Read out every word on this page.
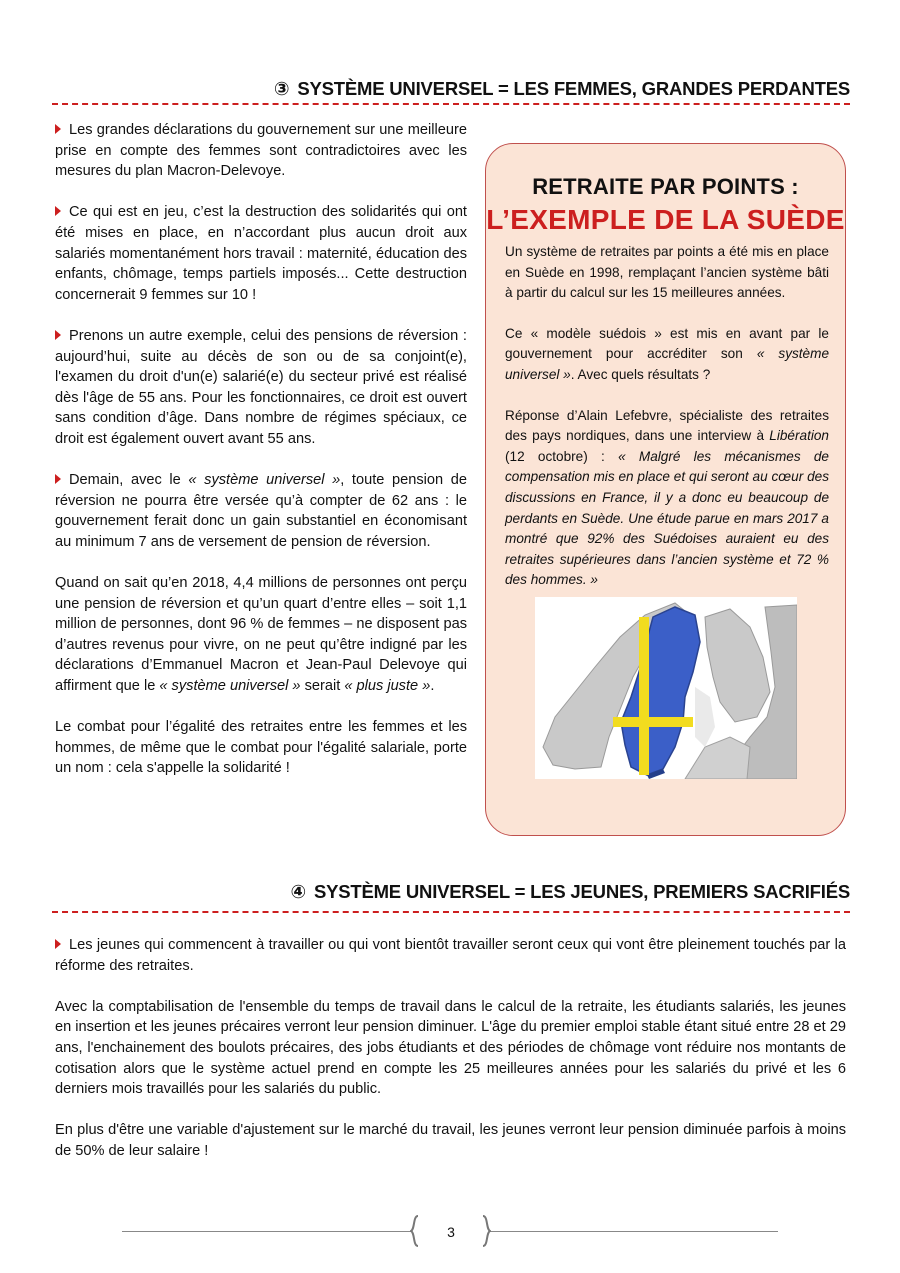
③ SYSTÈME UNIVERSEL = LES FEMMES, GRANDES PERDANTES

Les grandes déclarations du gouvernement sur une meilleure prise en compte des femmes sont contradictoires avec les mesures du plan Macron-Delevoye.

Ce qui est en jeu, c’est la destruction des solidarités qui ont été mises en place, en n’accordant plus aucun droit aux salariés momentanément hors travail : maternité, éducation des enfants, chômage, temps partiels imposés... Cette destruction concernerait 9 femmes sur 10 !

Prenons un autre exemple, celui des pensions de réversion : aujourd’hui, suite au décès de son ou de sa conjoint(e), l'examen du droit d'un(e) salarié(e) du secteur privé est réalisé dès l'âge de 55 ans. Pour les fonctionnaires, ce droit est ouvert sans condition d’âge. Dans nombre de régimes spéciaux, ce droit est également ouvert avant 55 ans.

Demain, avec le « système universel », toute pension de réversion ne pourra être versée qu’à compter de 62 ans : le gouvernement ferait donc un gain substantiel en économisant au minimum 7 ans de versement de pension de réversion.

Quand on sait qu’en 2018, 4,4 millions de personnes ont perçu une pension de réversion et qu’un quart d’entre elles – soit 1,1 million de personnes, dont 96 % de femmes – ne disposent pas d’autres revenus pour vivre, on ne peut qu’être indigné par les déclarations d’Emmanuel Macron et Jean-Paul Delevoye qui affirment que le « système universel » serait « plus juste ».

Le combat pour l’égalité des retraites entre les femmes et les hommes, de même que le combat pour l'égalité salariale, porte un nom : cela s'appelle la solidarité !

RETRAITE PAR POINTS :
L’EXEMPLE DE LA SUÈDE

Un système de retraites par points a été mis en place en Suède en 1998, remplaçant l’ancien système bâti à partir du calcul sur les 15 meilleures années.

Ce « modèle suédois » est mis en avant par le gouvernement pour accréditer son « système universel ». Avec quels résultats ?

Réponse d’Alain Lefebvre, spécialiste des retraites des pays nordiques, dans une interview à Libération (12 octobre) : « Malgré les mécanismes de compensation mis en place et qui seront au cœur des discussions en France, il y a donc eu beaucoup de perdants en Suède. Une étude parue en mars 2017 a montré que 92% des Suédoises auraient eu des retraites supérieures dans l’ancien système et 72 % des hommes. »

④ SYSTÈME UNIVERSEL = LES JEUNES, PREMIERS SACRIFIÉS

Les jeunes qui commencent à travailler ou qui vont bientôt travailler seront ceux qui vont être pleinement touchés par la réforme des retraites.

Avec la comptabilisation de l'ensemble du temps de travail dans le calcul de la retraite, les étudiants salariés, les jeunes en insertion et les jeunes précaires verront leur pension diminuer. L'âge du premier emploi stable étant situé entre 28 et 29 ans, l'enchainement des boulots précaires, des jobs étudiants et des périodes de chômage vont réduire nos montants de cotisation alors que le système actuel prend en compte les 25 meilleures années pour les salariés du privé et les 6 derniers mois travaillés pour les salariés du public.

En plus d'être une variable d'ajustement sur le marché du travail, les jeunes verront leur pension diminuée parfois à moins de 50% de leur salaire !

3
